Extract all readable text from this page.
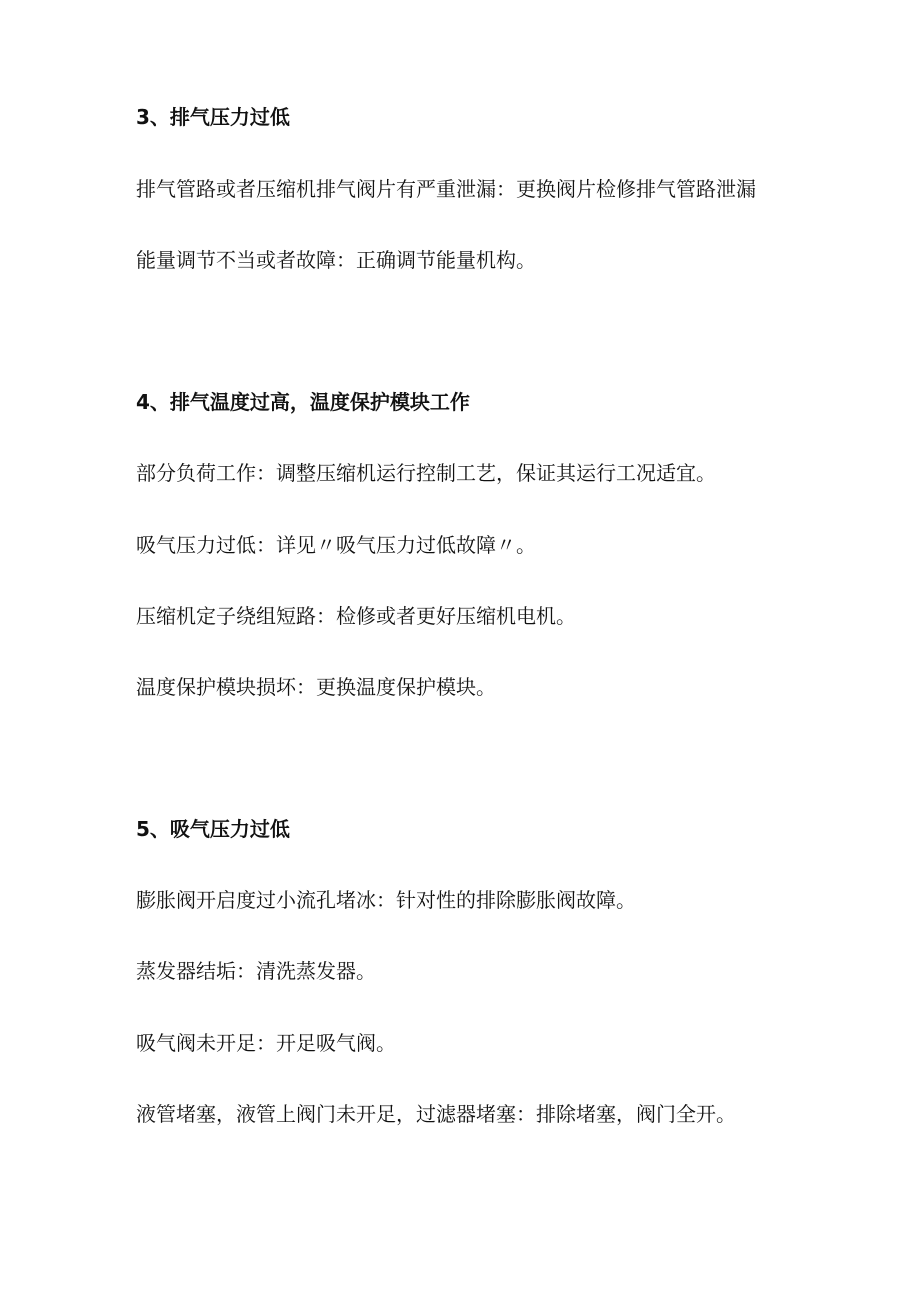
3、排气压力过低
排气管路或者压缩机排气阀片有严重泄漏：更换阀片检修排气管路泄漏
能量调节不当或者故障：正确调节能量机构。
4、排气温度过高，温度保护模块工作
部分负荷工作：调整压缩机运行控制工艺，保证其运行工况适宜。
吸气压力过低：详见〃吸气压力过低故障〃。
压缩机定子绕组短路：检修或者更好压缩机电机。
温度保护模块损坏：更换温度保护模块。
5、吸气压力过低
膨胀阀开启度过小流孔堵冰：针对性的排除膨胀阀故障。
蒸发器结垢：清洗蒸发器。
吸气阀未开足：开足吸气阀。
液管堵塞，液管上阀门未开足，过滤器堵塞：排除堵塞，阀门全开。
